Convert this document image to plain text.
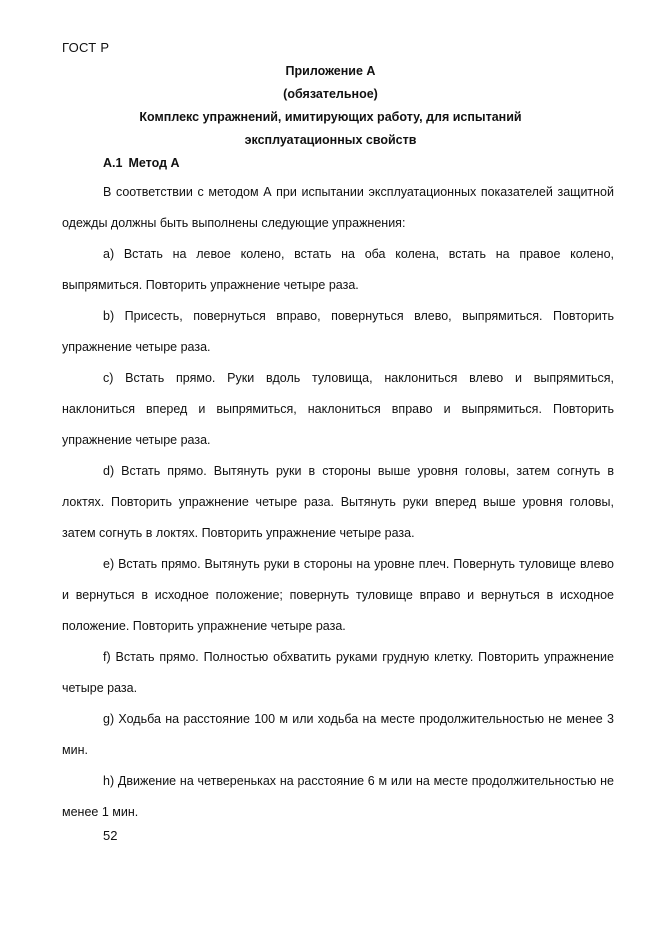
ГОСТ Р
Приложение А
(обязательное)
Комплекс упражнений, имитирующих работу, для испытаний
эксплуатационных свойств
А.1 Метод А

В соответствии с методом А при испытании эксплуатационных показателей защитной одежды должны быть выполнены следующие упражнения:

a) Встать на левое колено, встать на оба колена, встать на правое колено, выпрямиться. Повторить упражнение четыре раза.

b) Присесть, повернуться вправо, повернуться влево, выпрямиться. Повторить упражнение четыре раза.

c) Встать прямо. Руки вдоль туловища, наклониться влево и выпрямиться, наклониться вперед и выпрямиться, наклониться вправо и выпрямиться. Повторить упражнение четыре раза.

d) Встать прямо. Вытянуть руки в стороны выше уровня головы, затем согнуть в локтях. Повторить упражнение четыре раза. Вытянуть руки вперед выше уровня головы, затем согнуть в локтях. Повторить упражнение четыре раза.

e) Встать прямо. Вытянуть руки в стороны на уровне плеч. Повернуть туловище влево и вернуться в исходное положение; повернуть туловище вправо и вернуться в исходное положение. Повторить упражнение четыре раза.

f) Встать прямо. Полностью обхватить руками грудную клетку. Повторить упражнение четыре раза.

g) Ходьба на расстояние 100 м или ходьба на месте продолжительностью не менее 3 мин.

h) Движение на четвереньках на расстояние 6 м или на месте продолжительностью не менее 1 мин.

52
